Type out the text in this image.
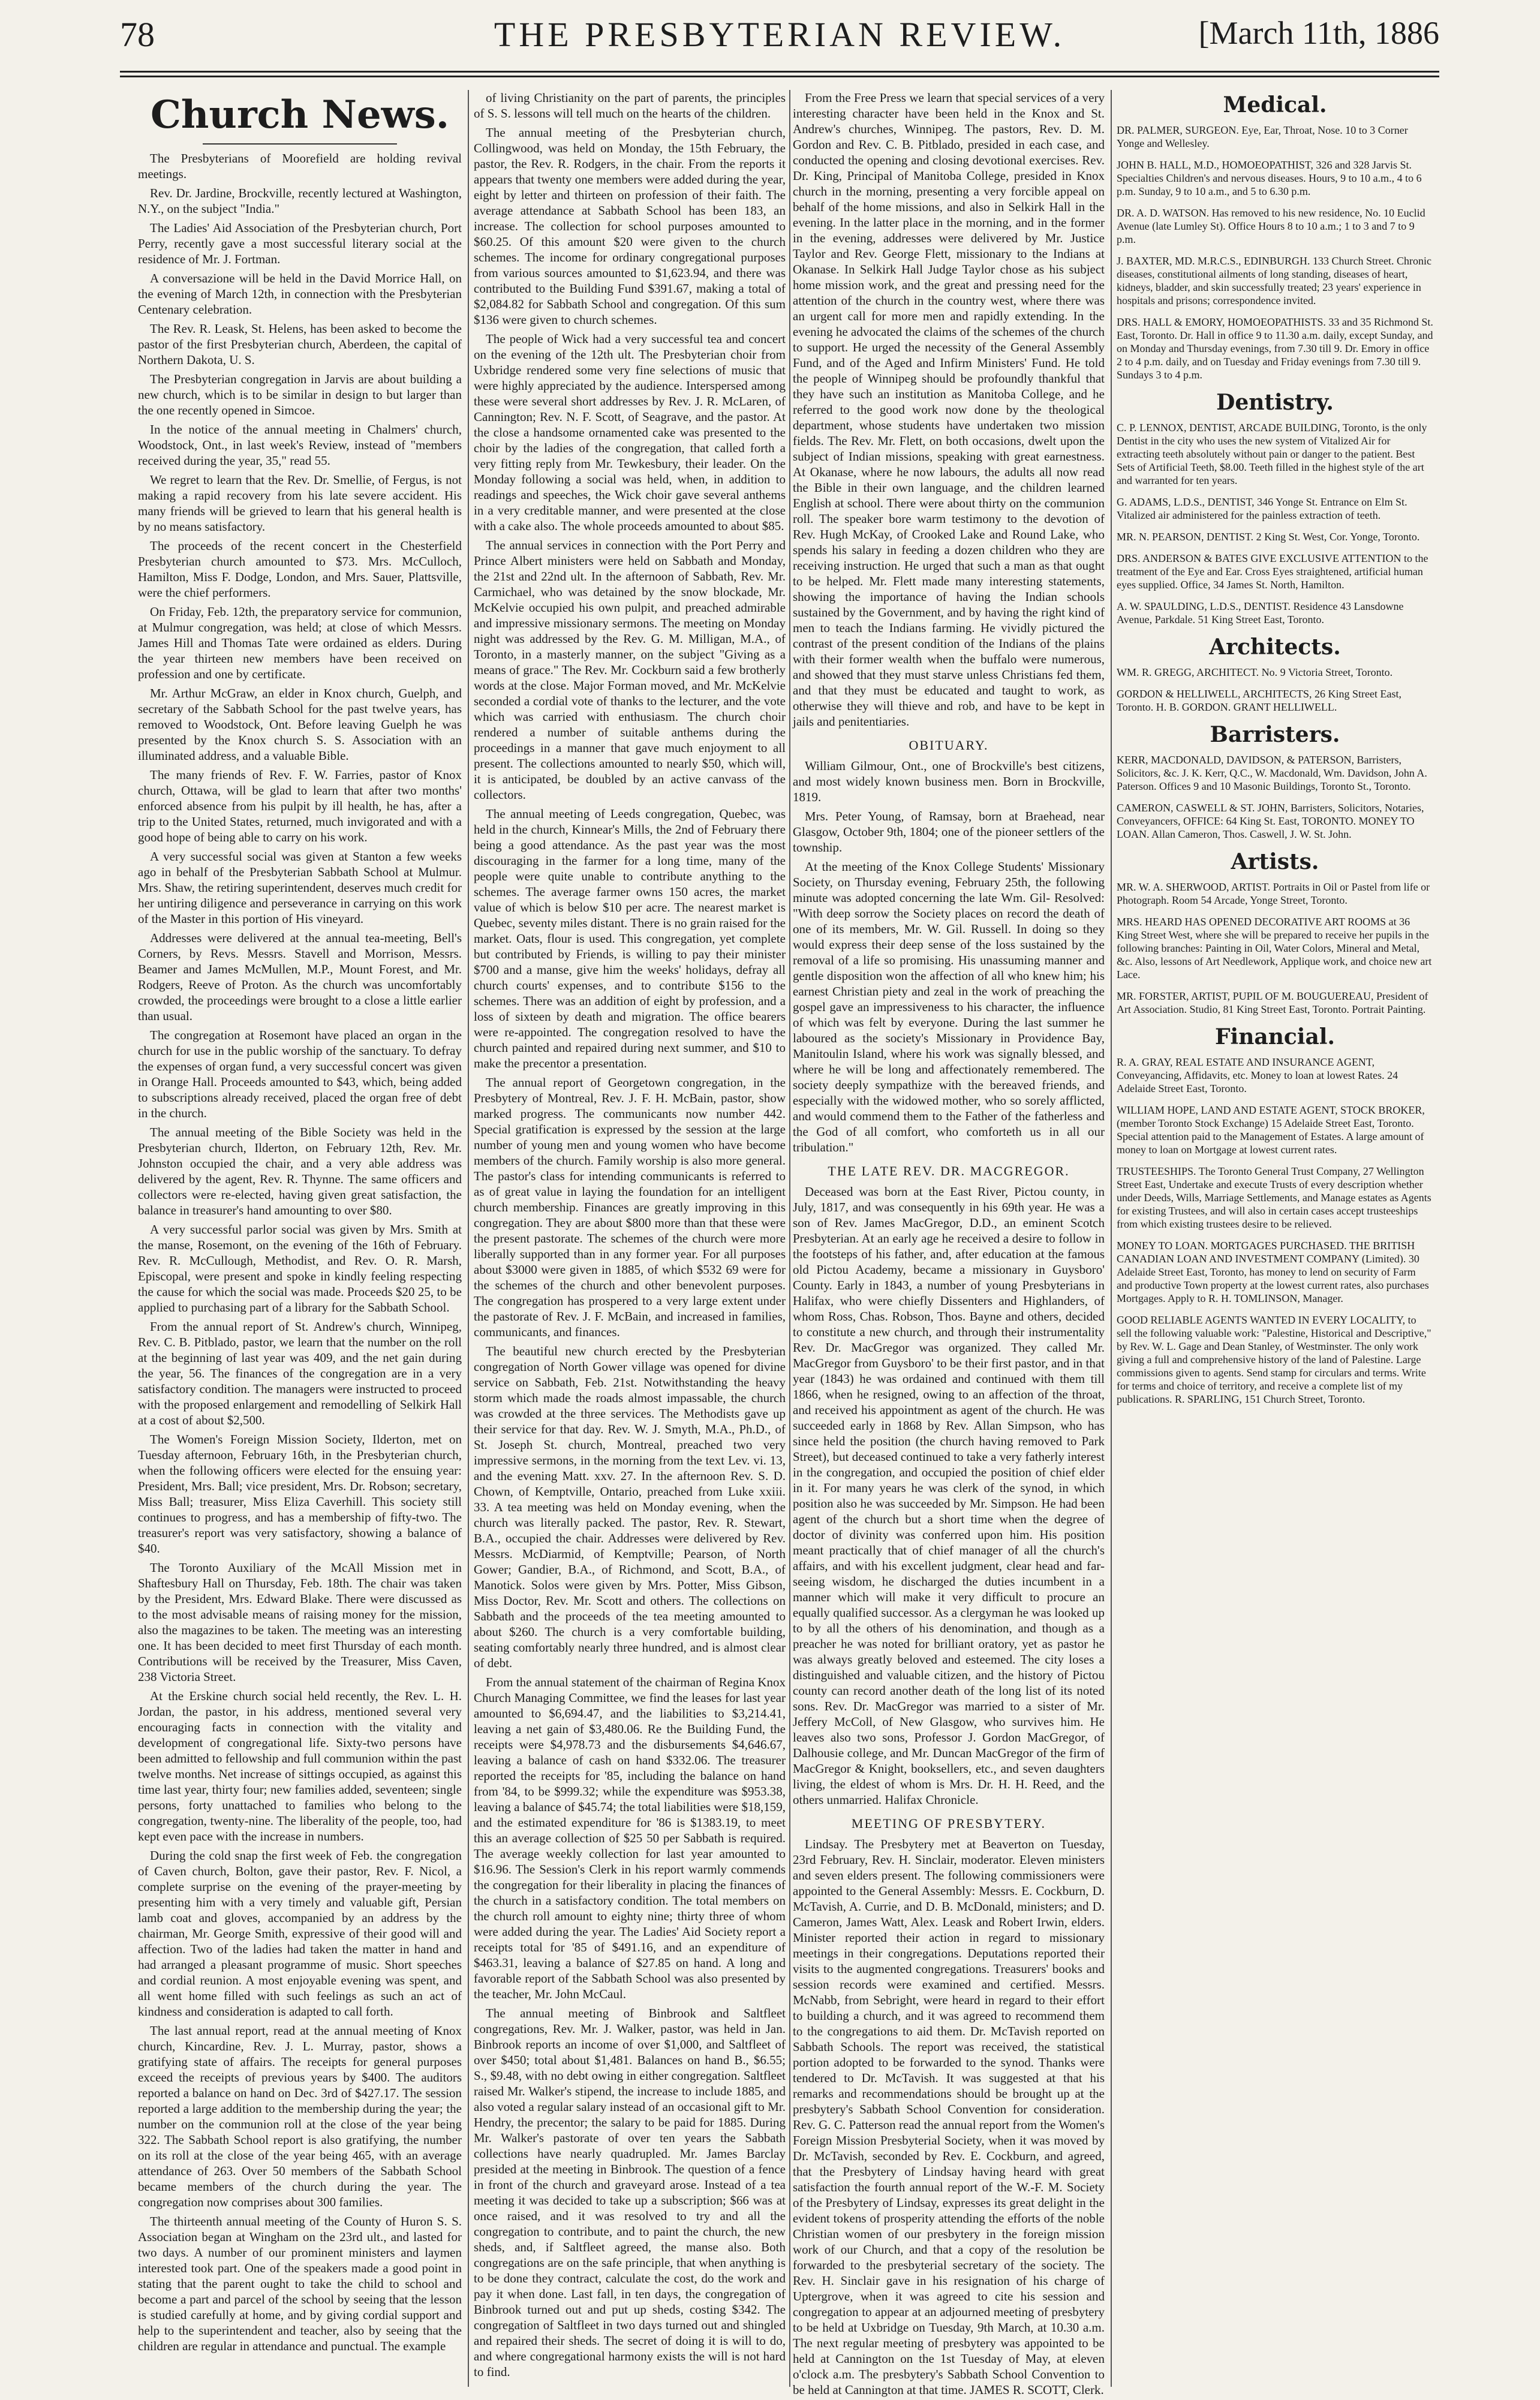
78	THE PRESBYTERIAN REVIEW.	[March 11th, 1886
Church News.

The Presbyterians of Moorefield are holding revival meetings.

Rev. Dr. Jardine, Brockville, recently lectured at Washington, N.Y., on the subject "India."

The Ladies' Aid Association of the Presbyterian church, Port Perry, recently gave a most successful literary social at the residence of Mr. J. Fortman.

A conversazione will be held in the David Morrice Hall, on the evening of March 12th, in connection with the Presbyterian Centenary celebration.

The Rev. R. Leask, St. Helens, has been asked to become the pastor of the first Presbyterian church, Aberdeen, the capital of Northern Dakota, U. S.

The Presbyterian congregation in Jarvis are about building a new church, which is to be similar in design to but larger than the one recently opened in Simcoe.

In the notice of the annual meeting in Chalmers' church, Woodstock, Ont., in last week's Review, instead of "members received during the year, 35," read 55.

We regret to learn that the Rev. Dr. Smellie, of Fergus, is not making a rapid recovery from his late severe accident. His many friends will be grieved to learn that his general health is by no means satisfactory.

The proceeds of the recent concert in the Chesterfield Presbyterian church amounted to $73. Mrs. McCulloch, Hamilton, Miss F. Dodge, London, and Mrs. Sauer, Plattsville, were the chief performers.

On Friday, Feb. 12th, the preparatory service for communion, at Mulmur congregation, was held; at close of which Messrs. James Hill and Thomas Tate were ordained as elders. During the year thirteen new members have been received on profession and one by certificate.

Mr. Arthur McGraw, an elder in Knox church, Guelph, and secretary of the Sabbath School for the past twelve years, has removed to Woodstock, Ont. Before leaving Guelph he was presented by the Knox church S. S. Association with an illuminated address, and a valuable Bible.

The many friends of Rev. F. W. Farries, pastor of Knox church, Ottawa, will be glad to learn that after two months' enforced absence from his pulpit by ill health, he has, after a trip to the United States, returned, much invigorated and with a good hope of being able to carry on his work.

A very successful social was given at Stanton a few weeks ago in behalf of the Presbyterian Sabbath School at Mulmur. Mrs. Shaw, the retiring superintendent, deserves much credit for her untiring diligence and perseverance in carrying on this work of the Master in this portion of His vineyard.

Addresses were delivered at the annual tea-meeting, Bell's Corners, by Revs. Messrs. Stavell and Morrison, Messrs. Beamer and James McMullen, M.P., Mount Forest, and Mr. Rodgers, Reeve of Proton. As the church was uncomfortably crowded, the proceedings were brought to a close a little earlier than usual.

The congregation at Rosemont have placed an organ in the church for use in the public worship of the sanctuary. To defray the expenses of organ fund, a very successful concert was given in Orange Hall. Proceeds amounted to $43, which, being added to subscriptions already received, placed the organ free of debt in the church.

The annual meeting of the Bible Society was held in the Presbyterian church, Ilderton, on February 12th, Rev. Mr. Johnston occupied the chair, and a very able address was delivered by the agent, Rev. R. Thynne. The same officers and collectors were re-elected, having given great satisfaction, the balance in treasurer's hand amounting to over $80.

A very successful parlor social was given by Mrs. Smith at the manse, Rosemont, on the evening of the 16th of February. Rev. R. McCullough, Methodist, and Rev. O. R. Marsh, Episcopal, were present and spoke in kindly feeling respecting the cause for which the social was made. Proceeds $20 25, to be applied to purchasing part of a library for the Sabbath School.

From the annual report of St. Andrew's church, Winnipeg, Rev. C. B. Pitblado, pastor, we learn that the number on the roll at the beginning of last year was 409, and the net gain during the year, 56. The finances of the congregation are in a very satisfactory condition. The managers were instructed to proceed with the proposed enlargement and remodelling of Selkirk Hall at a cost of about $2,500.

The Women's Foreign Mission Society, Ilderton, met on Tuesday afternoon, February 16th, in the Presbyterian church, when the following officers were elected for the ensuing year: President, Mrs. Ball; vice president, Mrs. Dr. Robson; secretary, Miss Ball; treasurer, Miss Eliza Caverhill. This society still continues to progress, and has a membership of fifty-two. The treasurer's report was very satisfactory, showing a balance of $40.

The Toronto Auxiliary of the McAll Mission met in Shaftesbury Hall on Thursday, Feb. 18th. The chair was taken by the President, Mrs. Edward Blake. There were discussed as to the most advisable means of raising money for the mission, also the magazines to be taken. The meeting was an interesting one. It has been decided to meet first Thursday of each month. Contributions will be received by the Treasurer, Miss Caven, 238 Victoria Street.

At the Erskine church social held recently, the Rev. L. H. Jordan, the pastor, in his address, mentioned several very encouraging facts in connection with the vitality and development of congregational life. Sixty-two persons have been admitted to fellowship and full communion within the past twelve months. Net increase of sittings occupied, as against this time last year, thirty four; new families added, seventeen; single persons, forty unattached to families who belong to the congregation, twenty-nine. The liberality of the people, too, had kept even pace with the increase in numbers.

During the cold snap the first week of Feb. the congregation of Caven church, Bolton, gave their pastor, Rev. F. Nicol, a complete surprise on the evening of the prayer-meeting by presenting him with a very timely and valuable gift, Persian lamb coat and gloves, accompanied by an address by the chairman, Mr. George Smith, expressive of their good will and affection. Two of the ladies had taken the matter in hand and had arranged a pleasant programme of music. Short speeches and cordial reunion. A most enjoyable evening was spent, and all went home filled with such feelings as such an act of kindness and consideration is adapted to call forth.

The last annual report, read at the annual meeting of Knox church, Kincardine, Rev. J. L. Murray, pastor, shows a gratifying state of affairs. The receipts for general purposes exceed the receipts of previous years by $400. The auditors reported a balance on hand on Dec. 3rd of $427.17. The session reported a large addition to the membership during the year; the number on the communion roll at the close of the year being 322. The Sabbath School report is also gratifying, the number on its roll at the close of the year being 465, with an average attendance of 263. Over 50 members of the Sabbath School became members of the church during the year. The congregation now comprises about 300 families.

The thirteenth annual meeting of the County of Huron S. S. Association began at Wingham on the 23rd ult., and lasted for two days. A number of our prominent ministers and laymen interested took part. One of the speakers made a good point in stating that the parent ought to take the child to school and become a part and parcel of the school by seeing that the lesson is studied carefully at home, and by giving cordial support and help to the superintendent and teacher, also by seeing that the children are regular in attendance and punctual. The example

of living Christianity on the part of parents, the principles of S. S. lessons will tell much on the hearts of the children.

The annual meeting of the Presbyterian church, Collingwood, was held on Monday, the 15th February, the pastor, the Rev. R. Rodgers, in the chair. From the reports it appears that twenty one members were added during the year, eight by letter and thirteen on profession of their faith. The average attendance at Sabbath School has been 183, an increase. The collection for school purposes amounted to $60.25. Of this amount $20 were given to the church schemes. The income for ordinary congregational purposes from various sources amounted to $1,623.94, and there was contributed to the Building Fund $391.67, making a total of $2,084.82 for Sabbath School and congregation. Of this sum $136 were given to church schemes.

The people of Wick had a very successful tea and concert on the evening of the 12th ult. The Presbyterian choir from Uxbridge rendered some very fine selections of music that were highly appreciated by the audience. Interspersed among these were several short addresses by Rev. J. R. McLaren, of Cannington; Rev. N. F. Scott, of Seagrave, and the pastor. At the close a handsome ornamented cake was presented to the choir by the ladies of the congregation, that called forth a very fitting reply from Mr. Tewkesbury, their leader. On the Monday following a social was held, when, in addition to readings and speeches, the Wick choir gave several anthems in a very creditable manner, and were presented at the close with a cake also. The whole proceeds amounted to about $85.

The annual services in connection with the Port Perry and Prince Albert ministers were held on Sabbath and Monday, the 21st and 22nd ult. In the afternoon of Sabbath, Rev. Mr. Carmichael, who was detained by the snow blockade, Mr. McKelvie occupied his own pulpit, and preached admirable and impressive missionary sermons. The meeting on Monday night was addressed by the Rev. G. M. Milligan, M.A., of Toronto, in a masterly manner, on the subject "Giving as a means of grace." The Rev. Mr. Cockburn said a few brotherly words at the close. Major Forman moved, and Mr. McKelvie seconded a cordial vote of thanks to the lecturer, and the vote which was carried with enthusiasm. The church choir rendered a number of suitable anthems during the proceedings in a manner that gave much enjoyment to all present. The collections amounted to nearly $50, which will, it is anticipated, be doubled by an active canvass of the collectors.

The annual meeting of Leeds congregation, Quebec, was held in the church, Kinnear's Mills, the 2nd of February there being a good attendance. As the past year was the most discouraging in the farmer for a long time, many of the people were quite unable to contribute anything to the schemes. The average farmer owns 150 acres, the market value of which is below $10 per acre. The nearest market is Quebec, seventy miles distant. There is no grain raised for the market. Oats, flour is used. This congregation, yet complete but contributed by Friends, is willing to pay their minister $700 and a manse, give him the weeks' holidays, defray all church courts' expenses, and to contribute $156 to the schemes. There was an addition of eight by profession, and a loss of sixteen by death and migration. The office bearers were re-appointed. The congregation resolved to have the church painted and repaired during next summer, and $10 to make the precentor a presentation.

The annual report of Georgetown congregation, in the Presbytery of Montreal, Rev. J. F. H. McBain, pastor, show marked progress. The communicants now number 442. Special gratification is expressed by the session at the large number of young men and young women who have become members of the church. Family worship is also more general. The pastor's class for intending communicants is referred to as of great value in laying the foundation for an intelligent church membership. Finances are greatly improving in this congregation. They are about $800 more than that these were the present pastorate. The schemes of the church were more liberally supported than in any former year. For all purposes about $3000 were given in 1885, of which $532 69 were for the schemes of the church and other benevolent purposes. The congregation has prospered to a very large extent under the pastorate of Rev. J. F. McBain, and increased in families, communicants, and finances.

The beautiful new church erected by the Presbyterian congregation of North Gower village was opened for divine service on Sabbath, Feb. 21st. Notwithstanding the heavy storm which made the roads almost impassable, the church was crowded at the three services. The Methodists gave up their service for that day. Rev. W. J. Smyth, M.A., Ph.D., of St. Joseph St. church, Montreal, preached two very impressive sermons, in the morning from the text Lev. vi. 13, and the evening Matt. xxv. 27. In the afternoon Rev. S. D. Chown, of Kemptville, Ontario, preached from Luke xxiii. 33. A tea meeting was held on Monday evening, when the church was literally packed. The pastor, Rev. R. Stewart, B.A., occupied the chair. Addresses were delivered by Rev. Messrs. McDiarmid, of Kemptville; Pearson, of North Gower; Gandier, B.A., of Richmond, and Scott, B.A., of Manotick. Solos were given by Mrs. Potter, Miss Gibson, Miss Doctor, Rev. Mr. Scott and others. The collections on Sabbath and the proceeds of the tea meeting amounted to about $260. The church is a very comfortable building, seating comfortably nearly three hundred, and is almost clear of debt.

From the annual statement of the chairman of Regina Knox Church Managing Committee, we find the leases for last year amounted to $6,694.47, and the liabilities to $3,214.41, leaving a net gain of $3,480.06. Re the Building Fund, the receipts were $4,978.73 and the disbursements $4,646.67, leaving a balance of cash on hand $332.06. The treasurer reported the receipts for '85, including the balance on hand from '84, to be $999.32; while the expenditure was $953.38, leaving a balance of $45.74; the total liabilities were $18,159, and the estimated expenditure for '86 is $1383.19, to meet this an average collection of $25 50 per Sabbath is required. The average weekly collection for last year amounted to $16.96. The Session's Clerk in his report warmly commends the congregation for their liberality in placing the finances of the church in a satisfactory condition. The total members on the church roll amount to eighty nine; thirty three of whom were added during the year. The Ladies' Aid Society report a receipts total for '85 of $491.16, and an expenditure of $463.31, leaving a balance of $27.85 on hand. A long and favorable report of the Sabbath School was also presented by the teacher, Mr. John McCaul.

The annual meeting of Binbrook and Saltfleet congregations, Rev. Mr. J. Walker, pastor, was held in Jan. Binbrook reports an income of over $1,000, and Saltfleet of over $450; total about $1,481. Balances on hand B., $6.55; S., $9.48, with no debt owing in either congregation. Saltfleet raised Mr. Walker's stipend, the increase to include 1885, and also voted a regular salary instead of an occasional gift to Mr. Hendry, the precentor; the salary to be paid for 1885. During Mr. Walker's pastorate of over ten years the Sabbath collections have nearly quadrupled. Mr. James Barclay presided at the meeting in Binbrook. The question of a fence in front of the church and graveyard arose. Instead of a tea meeting it was decided to take up a subscription; $66 was at once raised, and it was resolved to try and all the congregation to contribute, and to paint the church, the new sheds, and, if Saltfleet agreed, the manse also. Both congregations are on the safe principle, that when anything is to be done they contract, calculate the cost, do the work and pay it when done. Last fall, in ten days, the congregation of Binbrook turned out and put up sheds, costing $342. The congregation of Saltfleet in two days turned out and shingled and repaired their sheds. The secret of doing it is will to do, and where congregational harmony exists the will is not hard to find.

From the Free Press we learn that special services of a very interesting character have been held in the Knox and St. Andrew's churches, Winnipeg. The pastors, Rev. D. M. Gordon and Rev. C. B. Pitblado, presided in each case, and conducted the opening and closing devotional exercises. Rev. Dr. King, Principal of Manitoba College, presided in Knox church in the morning, presenting a very forcible appeal on behalf of the home missions, and also in Selkirk Hall in the evening. In the latter place in the morning, and in the former in the evening, addresses were delivered by Mr. Justice Taylor and Rev. George Flett, missionary to the Indians at Okanase. In Selkirk Hall Judge Taylor chose as his subject home mission work, and the great and pressing need for the attention of the church in the country west, where there was an urgent call for more men and rapidly extending. In the evening he advocated the claims of the schemes of the church to support. He urged the necessity of the General Assembly Fund, and of the Aged and Infirm Ministers' Fund. He told the people of Winnipeg should be profoundly thankful that they have such an institution as Manitoba College, and he referred to the good work now done by the theological department, whose students have undertaken two mission fields. The Rev. Mr. Flett, on both occasions, dwelt upon the subject of Indian missions, speaking with great earnestness. At Okanase, where he now labours, the adults all now read the Bible in their own language, and the children learned English at school. There were about thirty on the communion roll. The speaker bore warm testimony to the devotion of Rev. Hugh McKay, of Crooked Lake and Round Lake, who spends his salary in feeding a dozen children who they are receiving instruction. He urged that such a man as that ought to be helped. Mr. Flett made many interesting statements, showing the importance of having the Indian schools sustained by the Government, and by having the right kind of men to teach the Indians farming. He vividly pictured the contrast of the present condition of the Indians of the plains with their former wealth when the buffalo were numerous, and showed that they must starve unless Christians fed them, and that they must be educated and taught to work, as otherwise they will thieve and rob, and have to be kept in jails and penitentiaries.

OBITUARY.

William Gilmour, Ont., one of Brockville's best citizens, and most widely known business men. Born in Brockville, 1819.

Mrs. Peter Young, of Ramsay, born at Braehead, near Glasgow, October 9th, 1804; one of the pioneer settlers of the township.

At the meeting of the Knox College Students' Missionary Society, on Thursday evening, February 25th, the following minute was adopted concerning the late Wm. Gil- Resolved: "With deep sorrow the Society places on record the death of one of its members, Mr. W. Gil. Russell. In doing so they would express their deep sense of the loss sustained by the removal of a life so promising. His unassuming manner and gentle disposition won the affection of all who knew him; his earnest Christian piety and zeal in the work of preaching the gospel gave an impressiveness to his character, the influence of which was felt by everyone. During the last summer he laboured as the society's Missionary in Providence Bay, Manitoulin Island, where his work was signally blessed, and where he will be long and affectionately remembered. The society deeply sympathize with the bereaved friends, and especially with the widowed mother, who so sorely afflicted, and would commend them to the Father of the fatherless and the God of all comfort, who comforteth us in all our tribulation."

THE LATE REV. DR. MACGREGOR.

Deceased was born at the East River, Pictou county, in July, 1817, and was consequently in his 69th year. He was a son of Rev. James MacGregor, D.D., an eminent Scotch Presbyterian. At an early age he received a desire to follow in the footsteps of his father, and, after education at the famous old Pictou Academy, became a missionary in Guysboro' County. Early in 1843, a number of young Presbyterians in Halifax, who were chiefly Dissenters and Highlanders, of whom Ross, Chas. Robson, Thos. Bayne and others, decided to constitute a new church, and through their instrumentality Rev. Dr. MacGregor was organized. They called Mr. MacGregor from Guysboro' to be their first pastor, and in that year (1843) he was ordained and continued with them till 1866, when he resigned, owing to an affection of the throat, and received his appointment as agent of the church. He was succeeded early in 1868 by Rev. Allan Simpson, who has since held the position (the church having removed to Park Street), but deceased continued to take a very fatherly interest in the congregation, and occupied the position of chief elder in it. For many years he was clerk of the synod, in which position also he was succeeded by Mr. Simpson. He had been agent of the church but a short time when the degree of doctor of divinity was conferred upon him. His position meant practically that of chief manager of all the church's affairs, and with his excellent judgment, clear head and far-seeing wisdom, he discharged the duties incumbent in a manner which will make it very difficult to procure an equally qualified successor. As a clergyman he was looked up to by all the others of his denomination, and though as a preacher he was noted for brilliant oratory, yet as pastor he was always greatly beloved and esteemed. The city loses a distinguished and valuable citizen, and the history of Pictou county can record another death of the long list of its noted sons. Rev. Dr. MacGregor was married to a sister of Mr. Jeffery McColl, of New Glasgow, who survives him. He leaves also two sons, Professor J. Gordon MacGregor, of Dalhousie college, and Mr. Duncan MacGregor of the firm of MacGregor & Knight, booksellers, etc., and seven daughters living, the eldest of whom is Mrs. Dr. H. H. Reed, and the others unmarried. Halifax Chronicle.

MEETING OF PRESBYTERY.

Lindsay. The Presbytery met at Beaverton on Tuesday, 23rd February, Rev. H. Sinclair, moderator. Eleven ministers and seven elders present. The following commissioners were appointed to the General Assembly: Messrs. E. Cockburn, D. McTavish, A. Currie, and D. B. McDonald, ministers; and D. Cameron, James Watt, Alex. Leask and Robert Irwin, elders. Minister reported their action in regard to missionary meetings in their congregations. Deputations reported their visits to the augmented congregations. Treasurers' books and session records were examined and certified. Messrs. McNabb, from Sebright, were heard in regard to their effort to building a church, and it was agreed to recommend them to the congregations to aid them. Dr. McTavish reported on Sabbath Schools. The report was received, the statistical portion adopted to be forwarded to the synod. Thanks were tendered to Dr. McTavish. It was suggested at that his remarks and recommendations should be brought up at the presbytery's Sabbath School Convention for consideration. Rev. G. C. Patterson read the annual report from the Women's Foreign Mission Presbyterial Society, when it was moved by Dr. McTavish, seconded by Rev. E. Cockburn, and agreed, that the Presbytery of Lindsay having heard with great satisfaction the fourth annual report of the W.-F. M. Society of the Presbytery of Lindsay, expresses its great delight in the evident tokens of prosperity attending the efforts of the noble Christian women of our presbytery in the foreign mission work of our Church, and that a copy of the resolution be forwarded to the presbyterial secretary of the society. The Rev. H. Sinclair gave in his resignation of his charge of Uptergrove, when it was agreed to cite his session and congregation to appear at an adjourned meeting of presbytery to be held at Uxbridge on Tuesday, 9th March, at 10.30 a.m. The next regular meeting of presbytery was appointed to be held at Cannington on the 1st Tuesday of May, at eleven o'clock a.m. The presbytery's Sabbath School Convention to be held at Cannington at that time. JAMES R. SCOTT, Clerk.

Medical.
DR. PALMER, SURGEON. Eye, Ear, Throat, Nose. 10 to 3 Corner Yonge and Wellesley.
JOHN B. HALL, M.D., HOMOEOPATHIST, 326 and 328 Jarvis St. Specialties Children's and nervous diseases. Hours, 9 to 10 a.m., 4 to 6 p.m. Sunday, 9 to 10 a.m., and 5 to 6.30 p.m.
DR. A. D. WATSON. Has removed to his new residence, No. 10 Euclid Avenue (late Lumley St). Office Hours 8 to 10 a.m.; 1 to 3 and 7 to 9 p.m.
J. BAXTER, MD. M.R.C.S., EDINBURGH. 133 Church Street. Chronic diseases, constitutional ailments of long standing, diseases of heart, kidneys, bladder, and skin successfully treated; 23 years' experience in hospitals and prisons; correspondence invited.
DRS. HALL & EMORY, HOMOEOPATHISTS. 33 and 35 Richmond St. East, Toronto. Dr. Hall in office 9 to 11.30 a.m. daily, except Sunday, and on Monday and Thursday evenings, from 7.30 till 9. Dr. Emory in office 2 to 4 p.m. daily, and on Tuesday and Friday evenings from 7.30 till 9. Sundays 3 to 4 p.m.
Dentistry.
C. P. LENNOX, DENTIST, ARCADE BUILDING, Toronto, is the only Dentist in the city who uses the new system of Vitalized Air for extracting teeth absolutely without pain or danger to the patient. Best Sets of Artificial Teeth, $8.00. Teeth filled in the highest style of the art and warranted for ten years.
G. ADAMS, L.D.S., DENTIST, 346 Yonge St. Entrance on Elm St. Vitalized air administered for the painless extraction of teeth.
MR. N. PEARSON, DENTIST. 2 King St. West, Cor. Yonge, Toronto.
DRS. ANDERSON & BATES GIVE EXCLUSIVE ATTENTION to the treatment of the Eye and Ear. Cross Eyes straightened, artificial human eyes supplied. Office, 34 James St. North, Hamilton.
A. W. SPAULDING, L.D.S., DENTIST. Residence 43 Lansdowne Avenue, Parkdale. 51 King Street East, Toronto.
Architects.
WM. R. GREGG, ARCHITECT. No. 9 Victoria Street, Toronto.
GORDON & HELLIWELL, ARCHITECTS, 26 King Street East, Toronto. H. B. GORDON. GRANT HELLIWELL.
Barristers.
KERR, MACDONALD, DAVIDSON, & PATERSON, Barristers, Solicitors, &c. J. K. Kerr, Q.C., W. Macdonald, Wm. Davidson, John A. Paterson. Offices 9 and 10 Masonic Buildings, Toronto St., Toronto.
CAMERON, CASWELL & ST. JOHN, Barristers, Solicitors, Notaries, Conveyancers, OFFICE: 64 King St. East, TORONTO. MONEY TO LOAN. Allan Cameron, Thos. Caswell, J. W. St. John.
Artists.
MR. W. A. SHERWOOD, ARTIST. Portraits in Oil or Pastel from life or Photograph. Room 54 Arcade, Yonge Street, Toronto.
MRS. HEARD HAS OPENED DECORATIVE ART ROOMS at 36 King Street West, where she will be prepared to receive her pupils in the following branches: Painting in Oil, Water Colors, Mineral and Metal, &c. Also, lessons of Art Needlework, Applique work, and choice new art Lace.
MR. FORSTER, ARTIST, PUPIL OF M. BOUGUEREAU, President of Art Association. Studio, 81 King Street East, Toronto. Portrait Painting.
Financial.
R. A. GRAY, REAL ESTATE AND INSURANCE AGENT, Conveyancing, Affidavits, etc. Money to loan at lowest Rates. 24 Adelaide Street East, Toronto.
WILLIAM HOPE, LAND AND ESTATE AGENT, STOCK BROKER, (member Toronto Stock Exchange) 15 Adelaide Street East, Toronto. Special attention paid to the Management of Estates. A large amount of money to loan on Mortgage at lowest current rates.
TRUSTEESHIPS. The Toronto General Trust Company, 27 Wellington Street East, Undertake and execute Trusts of every description whether under Deeds, Wills, Marriage Settlements, and Manage estates as Agents for existing Trustees, and will also in certain cases accept trusteeships from which existing trustees desire to be relieved.
MONEY TO LOAN. MORTGAGES PURCHASED. THE BRITISH CANADIAN LOAN AND INVESTMENT COMPANY (Limited). 30 Adelaide Street East, Toronto, has money to lend on security of Farm and productive Town property at the lowest current rates, also purchases Mortgages. Apply to R. H. TOMLINSON, Manager.
GOOD RELIABLE AGENTS WANTED IN EVERY LOCALITY, to sell the following valuable work: "Palestine, Historical and Descriptive," by Rev. W. L. Gage and Dean Stanley, of Westminster. The only work giving a full and comprehensive history of the land of Palestine. Large commissions given to agents. Send stamp for circulars and terms. Write for terms and choice of territory, and receive a complete list of my publications. R. SPARLING, 151 Church Street, Toronto.
